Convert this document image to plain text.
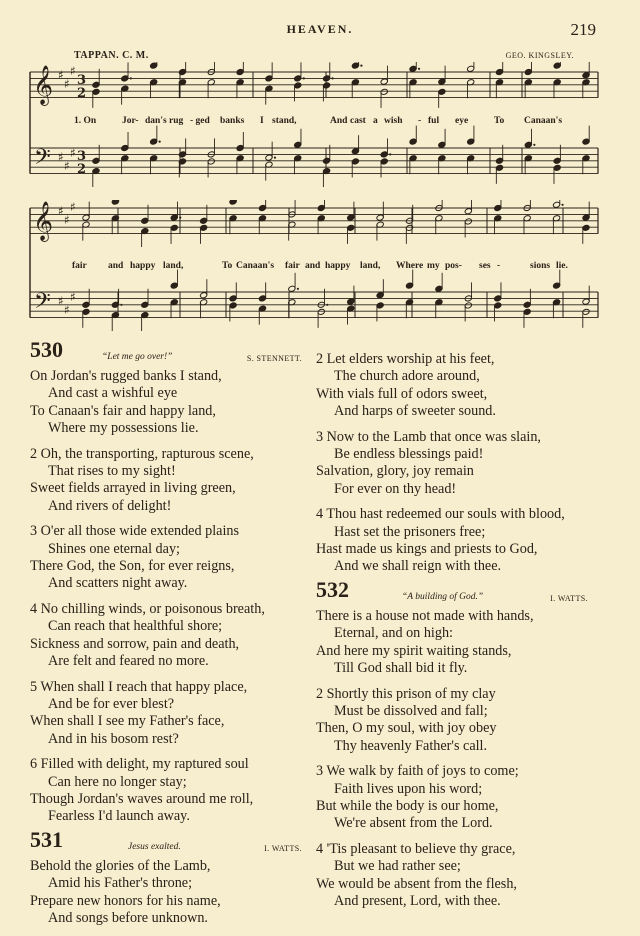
HEAVEN.	219
TAPPAN. C. M.	GEO. KINGSLEY.
𝄞
𝄢
♯
♯
♯
♯
♯
♯
3
2
3
2
1. On	Jor- dan's rug - ged banks I stand,	And cast a wish - ful eye	To Canaan's
𝄞
𝄢
♯
♯
♯
♯
♯
♯
fair and happy land,	To Canaan's fair and happy land, Where my pos- ses -	sions lie.
530	“Let me go over!”	S. STENNETT.
On Jordan's rugged banks I stand,
And cast a wishful eye
To Canaan's fair and happy land,
Where my possessions lie.
2 Oh, the transporting, rapturous scene,
That rises to my sight!
Sweet fields arrayed in living green,
And rivers of delight!
3 O'er all those wide extended plains
Shines one eternal day;
There God, the Son, for ever reigns,
And scatters night away.
4 No chilling winds, or poisonous breath,
Can reach that healthful shore;
Sickness and sorrow, pain and death,
Are felt and feared no more.
5 When shall I reach that happy place,
And be for ever blest?
When shall I see my Father's face,
And in his bosom rest?
6 Filled with delight, my raptured soul
Can here no longer stay;
Though Jordan's waves around me roll,
Fearless I'd launch away.
531	Jesus exalted.	I. WATTS.
Behold the glories of the Lamb,
Amid his Father's throne;
Prepare new honors for his name,
And songs before unknown.
2 Let elders worship at his feet,
The church adore around,
With vials full of odors sweet,
And harps of sweeter sound.
3 Now to the Lamb that once was slain,
Be endless blessings paid!
Salvation, glory, joy remain
For ever on thy head!
4 Thou hast redeemed our souls with blood,
Hast set the prisoners free;
Hast made us kings and priests to God,
And we shall reign with thee.
532	“A building of God.”	I. WATTS.
There is a house not made with hands,
Eternal, and on high:
And here my spirit waiting stands,
Till God shall bid it fly.
2 Shortly this prison of my clay
Must be dissolved and fall;
Then, O my soul, with joy obey
Thy heavenly Father's call.
3 We walk by faith of joys to come;
Faith lives upon his word;
But while the body is our home,
We're absent from the Lord.
4 'Tis pleasant to believe thy grace,
But we had rather see;
We would be absent from the flesh,
And present, Lord, with thee.
